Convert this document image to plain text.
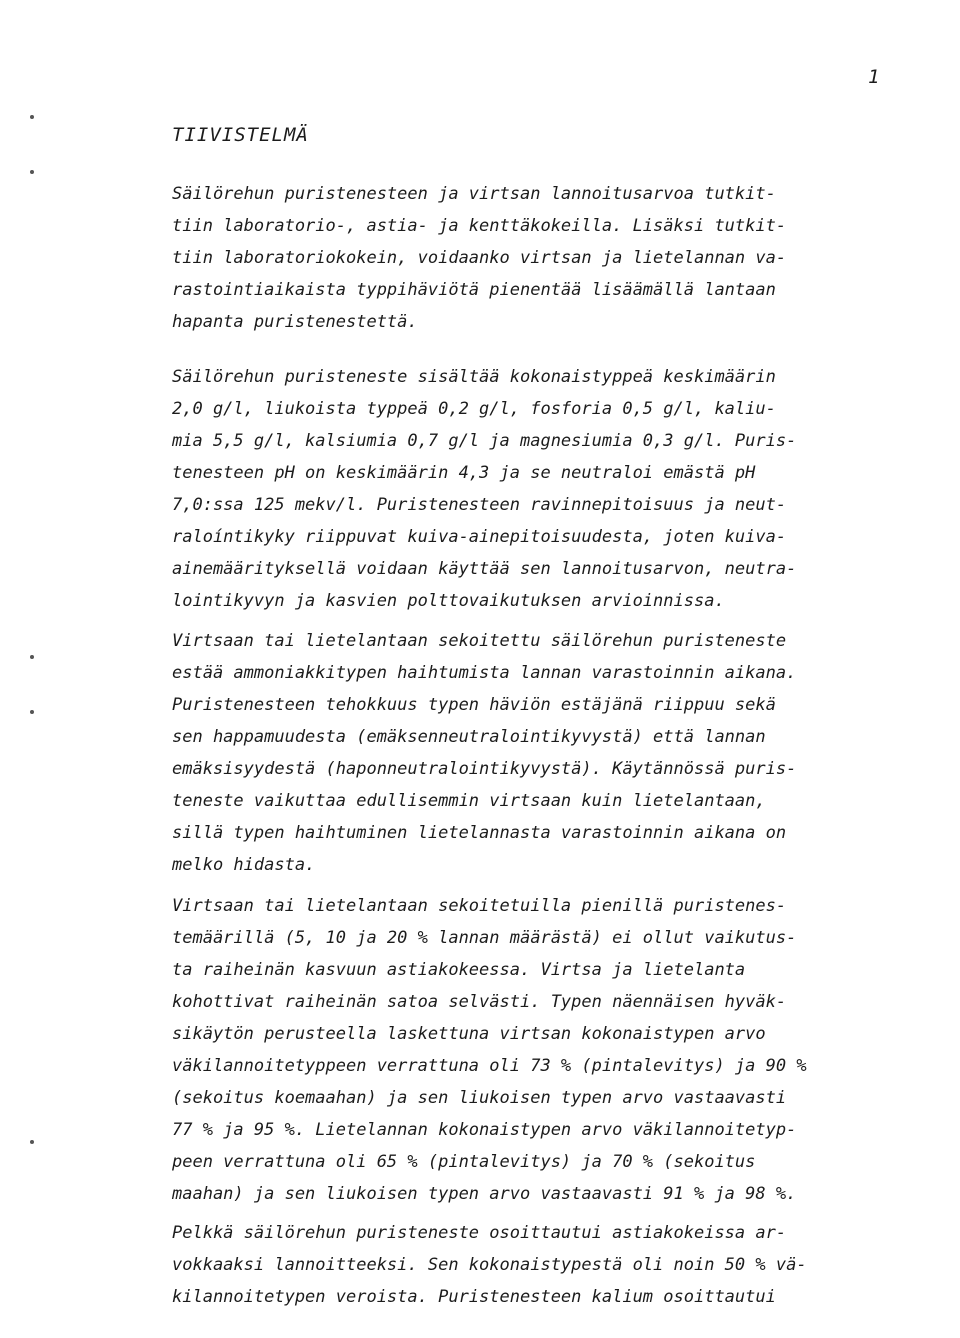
1

TIIVISTELMÄ
Säilörehun puristenesteen ja virtsan lannoitusarvoa tutkit-
tiin laboratorio-, astia- ja kenttäkokeilla. Lisäksi tutkit-
tiin laboratoriokokein, voidaanko virtsan ja lietelannan va-
rastointiaikaista typpihäviötä pienentää lisäämällä lantaan
hapanta puristenestettä.
Säilörehun puristeneste sisältää kokonaistyppeä keskimäärin
2,0 g/l, liukoista typpeä 0,2 g/l, fosforia 0,5 g/l, kaliu-
mia 5,5 g/l, kalsiumia 0,7 g/l ja magnesiumia 0,3 g/l. Puris-
tenesteen pH on keskimäärin 4,3 ja se neutraloi emästä pH
7,0:ssa 125 mekv/l. Puristenesteen ravinnepitoisuus ja neut-
raloíntikyky riippuvat kuiva-ainepitoisuudesta, joten kuiva-
ainemäärityksellä voidaan käyttää sen lannoitusarvon, neutra-
lointikyvyn ja kasvien polttovaikutuksen arvioinnissa.
Virtsaan tai lietelantaan sekoitettu säilörehun puristeneste
estää ammoniakkitypen haihtumista lannan varastoinnin aikana.
Puristenesteen tehokkuus typen häviön estäjänä riippuu sekä
sen happamuudesta (emäksenneutralointikyvystä) että lannan
emäksisyydestä (haponneutralointikyvystä). Käytännössä puris-
teneste vaikuttaa edullisemmin virtsaan kuin lietelantaan,
sillä typen haihtuminen lietelannasta varastoinnin aikana on
melko hidasta.
Virtsaan tai lietelantaan sekoitetuilla pienillä puristenes-
temäärillä (5, 10 ja 20 % lannan määrästä) ei ollut vaikutus-
ta raiheinän kasvuun astiakokeessa. Virtsa ja lietelanta
kohottivat raiheinän satoa selvästi. Typen näennäisen hyväk-
sikäytön perusteella laskettuna virtsan kokonaistypen arvo
väkilannoitetyppeen verrattuna oli 73 % (pintalevitys) ja 90 %
(sekoitus koemaahan) ja sen liukoisen typen arvo vastaavasti
77 % ja 95 %. Lietelannan kokonaistypen arvo väkilannoitetyp-
peen verrattuna oli 65 % (pintalevitys) ja 70 % (sekoitus
maahan) ja sen liukoisen typen arvo vastaavasti 91 % ja 98 %.
Pelkkä säilörehun puristeneste osoittautui astiakokeissa ar-
vokkaaksi lannoitteeksi. Sen kokonaistypestä oli noin 50 % vä-
kilannoitetypen veroista. Puristenesteen kalium osoittautui
